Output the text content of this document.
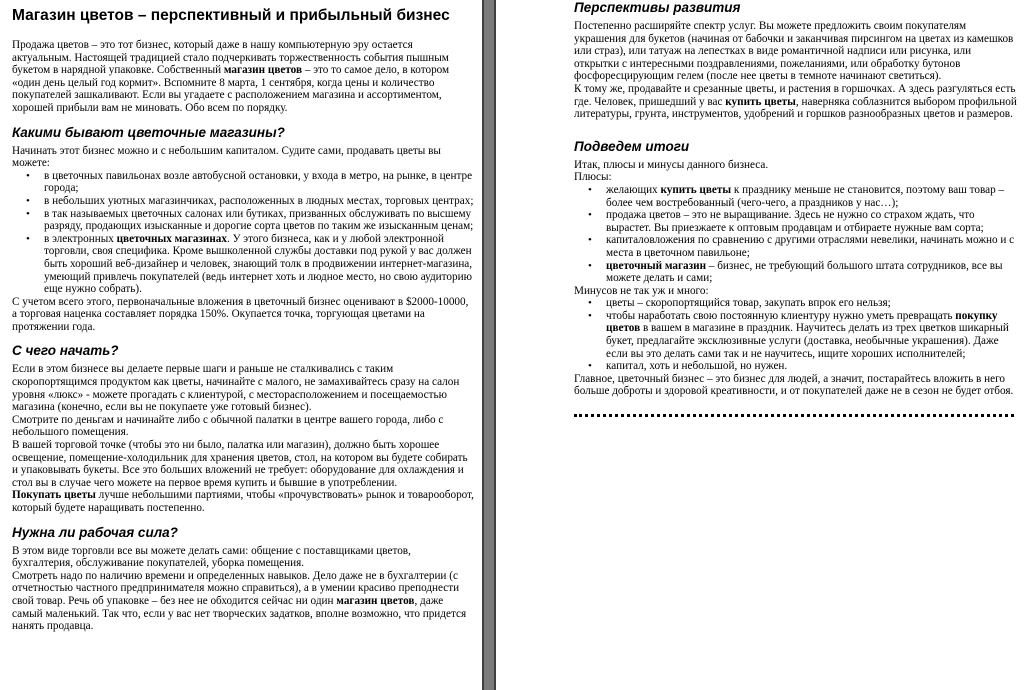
Магазин цветов – перспективный и прибыльный бизнес

Продажа цветов – это тот бизнес, который даже в нашу компьютерную эру остается актуальным. Настоящей традицией стало подчеркивать торжественность события пышным букетом в нарядной упаковке. Собственный магазин цветов – это то самое дело, в котором «один день целый год кормит». Вспомните 8 марта, 1 сентября, когда цены и количество покупателей зашкаливают. Если вы угадаете с расположением магазина и ассортиментом, хорошей прибыли вам не миновать. Обо всем по порядку.

Какими бывают цветочные магазины?

Начинать этот бизнес можно и с небольшим капиталом. Судите сами, продавать цветы вы можете:

• в цветочных павильонах возле автобусной остановки, у входа в метро, на рынке, в центре города;
• в небольших уютных магазинчиках, расположенных в людных местах, торговых центрах;
• в так называемых цветочных салонах или бутиках, призванных обслуживать по высшему разряду, продающих изысканные и дорогие сорта цветов по таким же изысканным ценам;
• в электронных цветочных магазинах. У этого бизнеса, как и у любой электронной торговли, своя специфика. Кроме вышколенной службы доставки под рукой у вас должен быть хороший веб-дизайнер и человек, знающий толк в продвижении интернет-магазина, умеющий привлечь покупателей (ведь интернет хоть и людное место, но свою аудиторию еще нужно собрать).

С учетом всего этого, первоначальные вложения в цветочный бизнес оценивают в $2000-10000, а торговая наценка составляет порядка 150%. Окупается точка, торгующая цветами на протяжении года.

С чего начать?

Если в этом бизнесе вы делаете первые шаги и раньше не сталкивались с таким скоропортящимся продуктом как цветы, начинайте с малого, не замахивайтесь сразу на салон уровня «люкс» - можете прогадать с клиентурой, с месторасположением и посещаемостью магазина (конечно, если вы не покупаете уже готовый бизнес).

Смотрите по деньгам и начинайте либо с обычной палатки в центре вашего города, либо с небольшого помещения.

В вашей торговой точке (чтобы это ни было, палатка или магазин), должно быть хорошее освещение, помещение-холодильник для хранения цветов, стол, на котором вы будете собирать и упаковывать букеты. Все это больших вложений не требует: оборудование для охлаждения и стол вы в случае чего можете на первое время купить и бывшие в употреблении.

Покупать цветы лучше небольшими партиями, чтобы «прочувствовать» рынок и товарооборот, который будете наращивать постепенно.

Нужна ли рабочая сила?

В этом виде торговли все вы можете делать сами: общение с поставщиками цветов, бухгалтерия, обслуживание покупателей, уборка помещения.

Смотреть надо по наличию времени и определенных навыков. Дело даже не в бухгалтерии (с отчетностью частного предпринимателя можно справиться), а в умении красиво преподнести свой товар. Речь об упаковке – без нее не обходится сейчас ни один магазин цветов, даже самый маленький. Так что, если у вас нет творческих задатков, вполне возможно, что придется нанять продавца.

Перспективы развития

Постепенно расширяйте спектр услуг. Вы можете предложить своим покупателям украшения для букетов (начиная от бабочки и заканчивая пирсингом на цветах из камешков или страз), или татуаж на лепестках в виде романтичной надписи или рисунка, или открытки с интересными поздравлениями, пожеланиями, или обработку бутонов фосфоресцирующим гелем (после нее цветы в темноте начинают светиться).

К тому же, продавайте и срезанные цветы, и растения в горшочках. А здесь разгуляться есть где. Человек, пришедший у вас купить цветы, наверняка соблазнится выбором профильной литературы, грунта, инструментов, удобрений и горшков разнообразных цветов и размеров.

Подведем итоги

Итак, плюсы и минусы данного бизнеса.

Плюсы:

• желающих купить цветы к празднику меньше не становится, поэтому ваш товар – более чем востребованный (чего-чего, а праздников у нас…);
• продажа цветов – это не выращивание. Здесь не нужно со страхом ждать, что вырастет. Вы приезжаете к оптовым продавцам и отбираете нужные вам сорта;
• капиталовложения по сравнению с другими отраслями невелики, начинать можно и с места в цветочном павильоне;
• цветочный магазин – бизнес, не требующий большого штата сотрудников, все вы можете делать и сами;

Минусов не так уж и много:

• цветы – скоропортящийся товар, закупать впрок его нельзя;
• чтобы наработать свою постоянную клиентуру нужно уметь превращать покупку цветов в вашем в магазине в праздник. Научитесь делать из трех цветков шикарный букет, предлагайте эксклюзивные услуги (доставка, необычные украшения). Даже если вы это делать сами так и не научитесь, ищите хороших исполнителей;
• капитал, хоть и небольшой, но нужен.

Главное, цветочный бизнес – это бизнес для людей, а значит, постарайтесь вложить в него больше доброты и здоровой креативности, и от покупателей даже не в сезон не будет отбоя.
